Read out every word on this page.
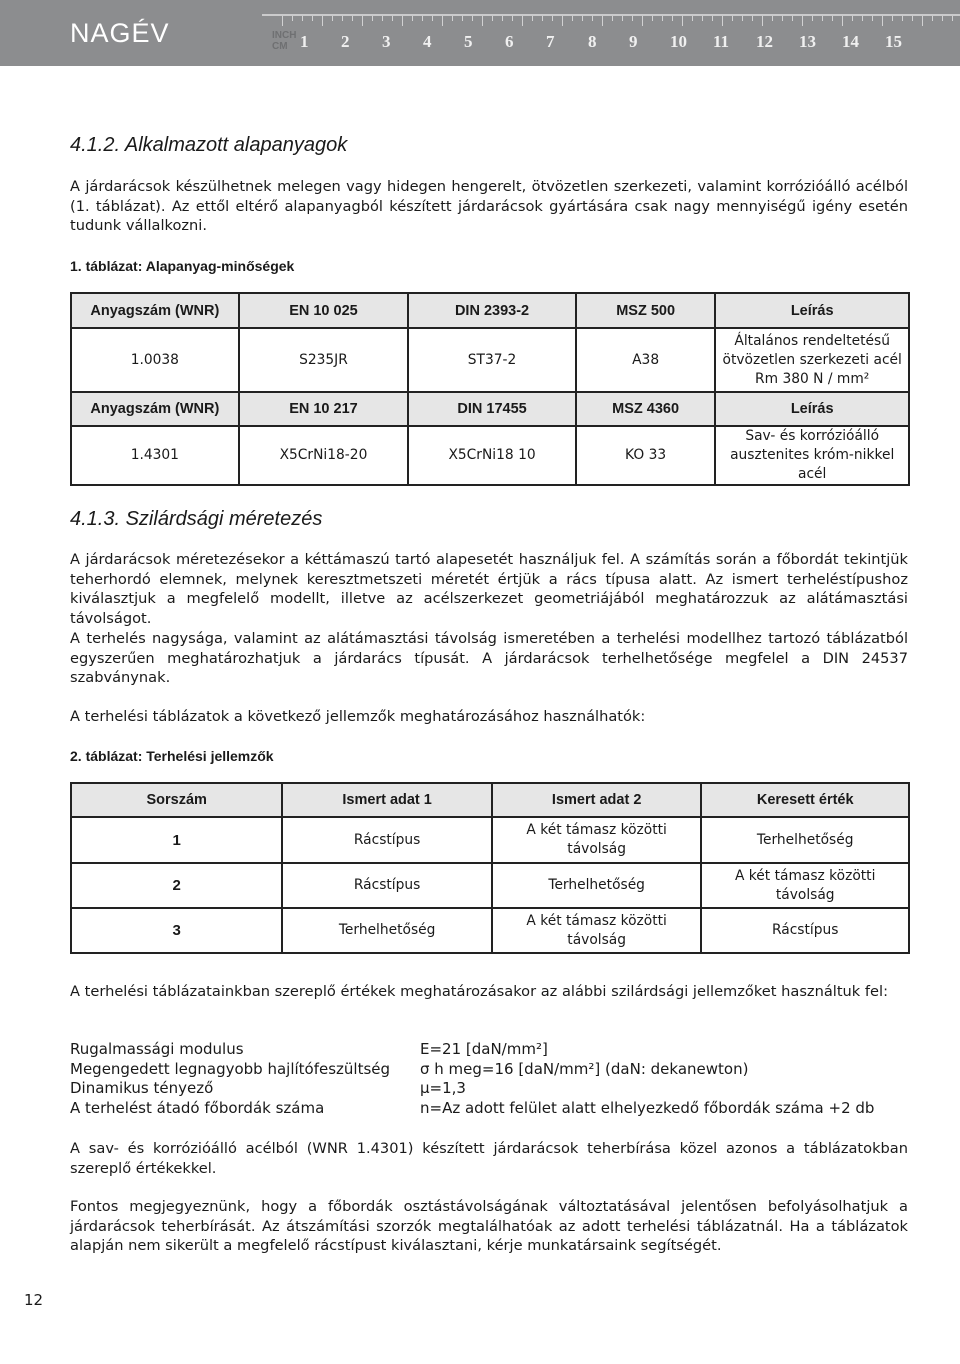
NAGÉV	INCH
CM 1 2 3 4 5 6 7 8 9 10 11 12 13 14 15
4.1.2. Alkalmazott alapanyagok

A járdarácsok készülhetnek melegen vagy hidegen hengerelt, ötvözetlen szerkezeti, valamint korrózióálló acélból (1. táblázat). Az ettől eltérő alapanyagból készített járdarácsok gyártására csak nagy mennyiségű igény esetén tudunk vállalkozni.

1. táblázat: Alapanyag-minőségek

Anyagszám (WNR)	EN 10 025	DIN 2393-2	MSZ 500	Leírás
1.0038	S235JR	ST37-2	A38	Általános rendeltetésű ötvözetlen szerkezeti acél Rm 380 N / mm²
Anyagszám (WNR)	EN 10 217	DIN 17455	MSZ 4360	Leírás
1.4301	X5CrNi18-20	X5CrNi18 10	KO 33	Sav- és korrózióálló ausztenites króm-nikkel acél
4.1.3. Szilárdsági méretezés

A járdarácsok méretezésekor a kéttámaszú tartó alapesetét használjuk fel. A számítás során a főbordát tekintjük teherhordó elemnek, melynek keresztmetszeti méretét értjük a rács típusa alatt. Az ismert terheléstípushoz kiválasztjuk a megfelelő modellt, illetve az acélszerkezet geometriájából meghatározzuk az alátámasztási távolságot.

A terhelés nagysága, valamint az alátámasztási távolság ismeretében a terhelési modellhez tartozó táblázatból egyszerűen meghatározhatjuk a járdarács típusát. A járdarácsok terhelhetősége megfelel a DIN 24537 szabványnak.

A terhelési táblázatok a következő jellemzők meghatározásához használhatók:

2. táblázat: Terhelési jellemzők

Sorszám	Ismert adat 1	Ismert adat 2	Keresett érték
1	Rácstípus	A két támasz közötti távolság	Terhelhetőség
2	Rácstípus	Terhelhetőség	A két támasz közötti távolság
3	Terhelhetőség	A két támasz közötti távolság	Rácstípus

A terhelési táblázatainkban szereplő értékek meghatározásakor az alábbi szilárdsági jellemzőket használtuk fel:

Rugalmassági modulus	E=21 [daN/mm²]
Megengedett legnagyobb hajlítófeszültség σ h meg=16 [daN/mm²] (daN: dekanewton)
Dinamikus tényező	μ=1,3
A terhelést átadó főbordák száma	n=Az adott felület alatt elhelyezkedő főbordák száma +2 db

A sav- és korrózióálló acélból (WNR 1.4301) készített járdarácsok teherbírása közel azonos a táblázatokban szereplő értékekkel.

Fontos megjegyeznünk, hogy a főbordák osztástávolságának változtatásával jelentősen befolyásolhatjuk a járdarácsok teherbírását. Az átszámítási szorzók megtalálhatóak az adott terhelési táblázatnál. Ha a táblázatok alapján nem sikerült a megfelelő rácstípust kiválasztani, kérje munkatársaink segítségét.

12
